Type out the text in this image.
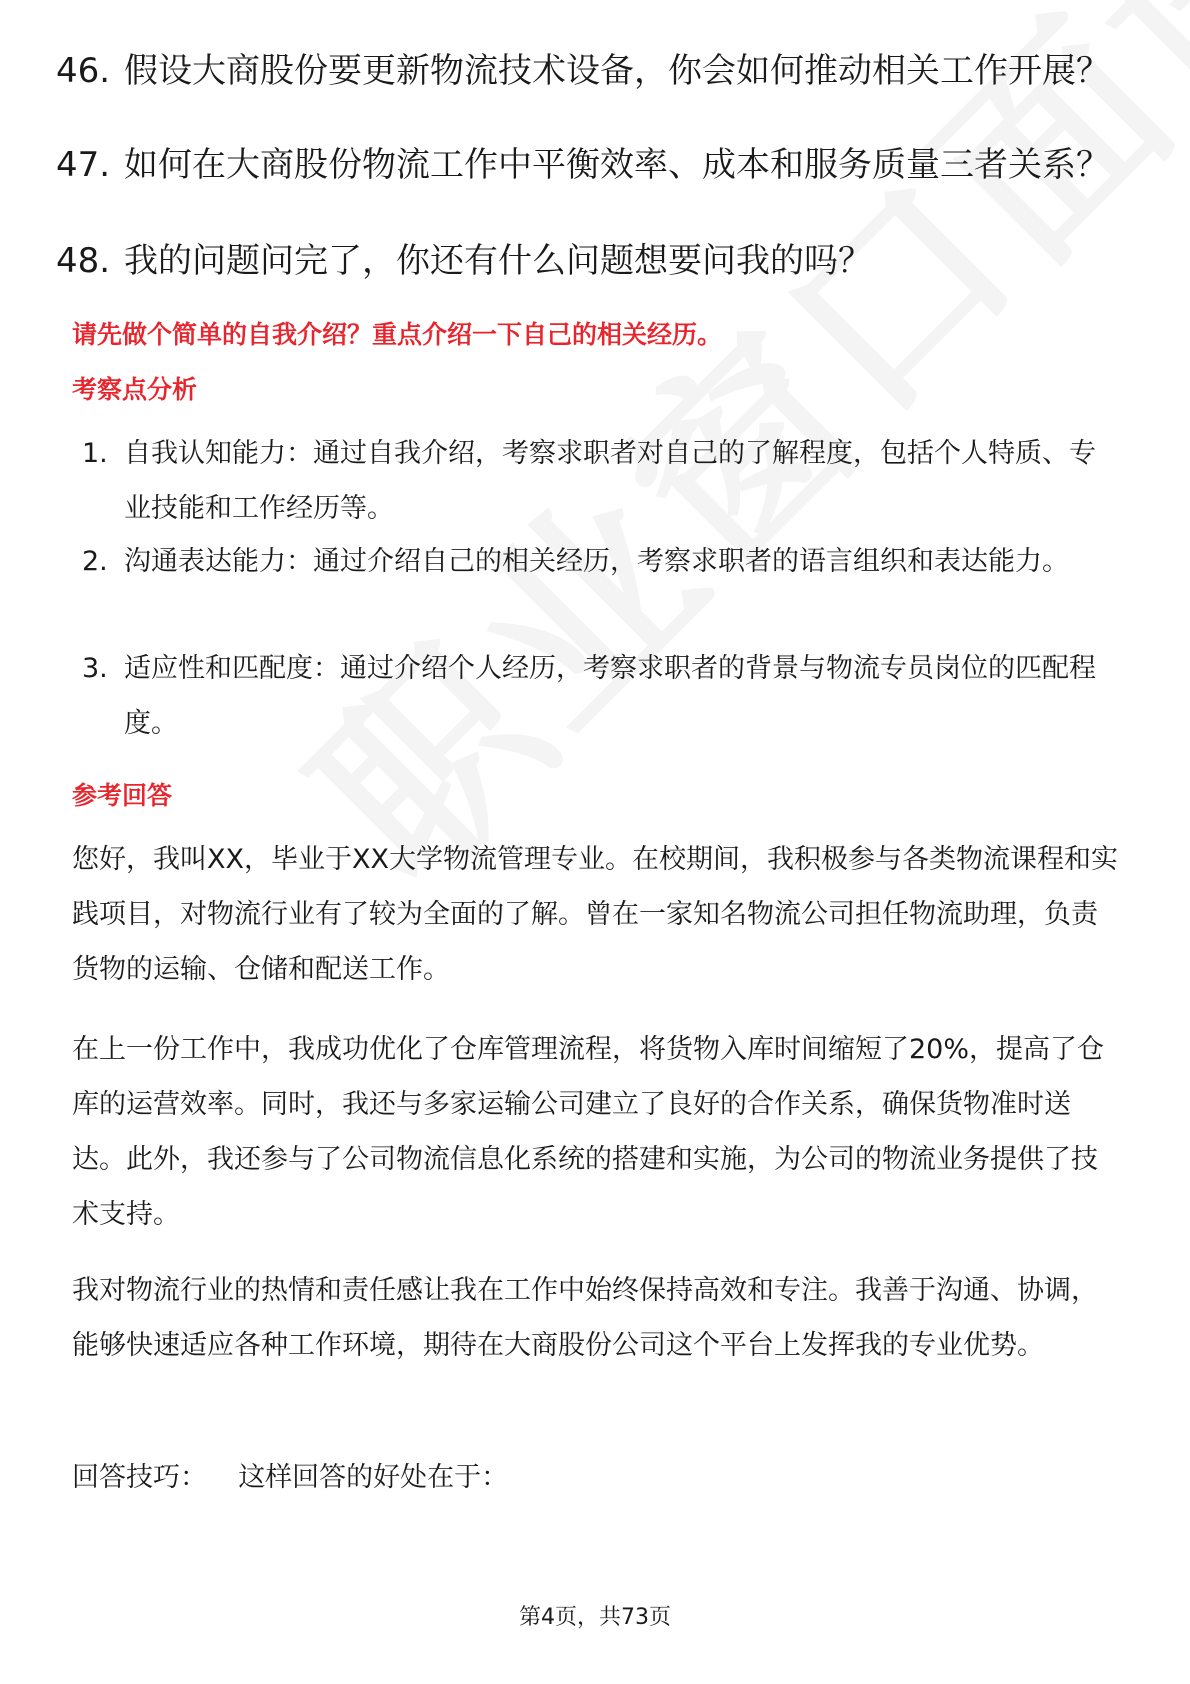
46. 假设大商股份要更新物流技术设备，你会如何推动相关工作开展？
47. 如何在大商股份物流工作中平衡效率、成本和服务质量三者关系？
48. 我的问题问完了，你还有什么问题想要问我的吗？
请先做个简单的自我介绍？重点介绍一下自己的相关经历。
考察点分析
1. 自我认知能力：通过自我介绍，考察求职者对自己的了解程度，包括个人特质、专业技能和工作经历等。
2. 沟通表达能力：通过介绍自己的相关经历，考察求职者的语言组织和表达能力。
3. 适应性和匹配度：通过介绍个人经历，考察求职者的背景与物流专员岗位的匹配程度。
参考回答

您好，我叫XX，毕业于XX大学物流管理专业。在校期间，我积极参与各类物流课程和实践项目，对物流行业有了较为全面的了解。曾在一家知名物流公司担任物流助理，负责货物的运输、仓储和配送工作。

在上一份工作中，我成功优化了仓库管理流程，将货物入库时间缩短了20%，提高了仓库的运营效率。同时，我还与多家运输公司建立了良好的合作关系，确保货物准时送达。此外，我还参与了公司物流信息化系统的搭建和实施，为公司的物流业务提供了技术支持。

我对物流行业的热情和责任感让我在工作中始终保持高效和专注。我善于沟通、协调，能够快速适应各种工作环境，期待在大商股份公司这个平台上发挥我的专业优势。

回答技巧： 这样回答的好处在于：
第4页，共73页
